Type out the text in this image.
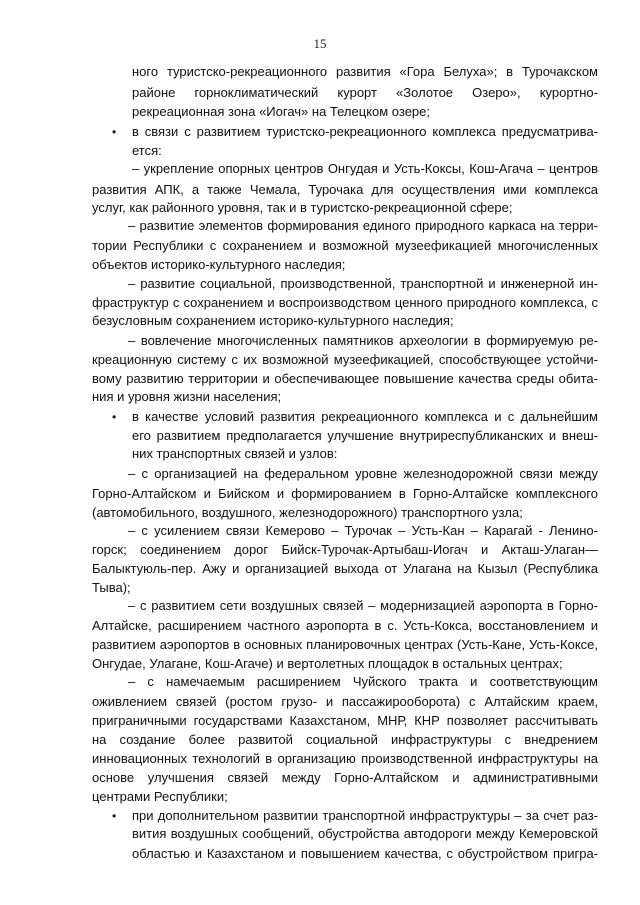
15
ного туристско-рекреационного развития «Гора Белуха»; в Турочакском
районе горноклиматический курорт «Золотое Озеро», курортно-
рекреационная зона «Иогач» на Телецком озере;
• в связи с развитием туристско-рекреационного комплекса предусматрива-
ется:
– укрепление опорных центров Онгудая и Усть-Коксы, Кош-Агача – центров
развития АПК, а также Чемала, Турочака для осуществления ими комплекса
услуг, как районного уровня, так и в туристско-рекреационной сфере;
– развитие элементов формирования единого природного каркаса на терри-
тории Республики с сохранением и возможной музеефикацией многочисленных
объектов историко-культурного наследия;
– развитие социальной, производственной, транспортной и инженерной ин-
фраструктур с сохранением и воспроизводством ценного природного комплекса, с
безусловным сохранением историко-культурного наследия;
– вовлечение многочисленных памятников археологии в формируемую ре-
креационную систему с их возможной музеефикацией, способствующее устойчи-
вому развитию территории и обеспечивающее повышение качества среды обита-
ния и уровня жизни населения;
• в качестве условий развития рекреационного комплекса и с дальнейшим
его развитием предполагается улучшение внутриреспубликанских и внеш-
них транспортных связей и узлов:
– с организацией на федеральном уровне железнодорожной связи между
Горно-Алтайском и Бийском и формированием в Горно-Алтайске комплексного
(автомобильного, воздушного, железнодорожного) транспортного узла;
– с усилением связи Кемерово – Турочак – Усть-Кан – Карагай - Ленино-
горск; соединением дорог Бийск-Турочак-Артыбаш-Иогач и Акташ-Улаган—
Балыктуюль-пер. Ажу и организацией выхода от Улагана на Кызыл (Республика
Тыва);
– с развитием сети воздушных связей – модернизацией аэропорта в Горно-
Алтайске, расширением частного аэропорта в с. Усть-Кокса, восстановлением и
развитием аэропортов в основных планировочных центрах (Усть-Кане, Усть-Коксе,
Онгудае, Улагане, Кош-Агаче) и вертолетных площадок в остальных центрах;
– с намечаемым расширением Чуйского тракта и соответствующим
оживлением связей (ростом грузо- и пассажирооборота) с Алтайским краем,
приграничными государствами Казахстаном, МНР, КНР позволяет рассчитывать
на создание более развитой социальной инфраструктуры с внедрением
инновационных технологий в организацию производственной инфраструктуры на
основе улучшения связей между Горно-Алтайском и административными
центрами Республики;
• при дополнительном развитии транспортной инфраструктуры – за счет раз-
вития воздушных сообщений, обустройства автодороги между Кемеровской
областью и Казахстаном и повышением качества, с обустройством пригра-
